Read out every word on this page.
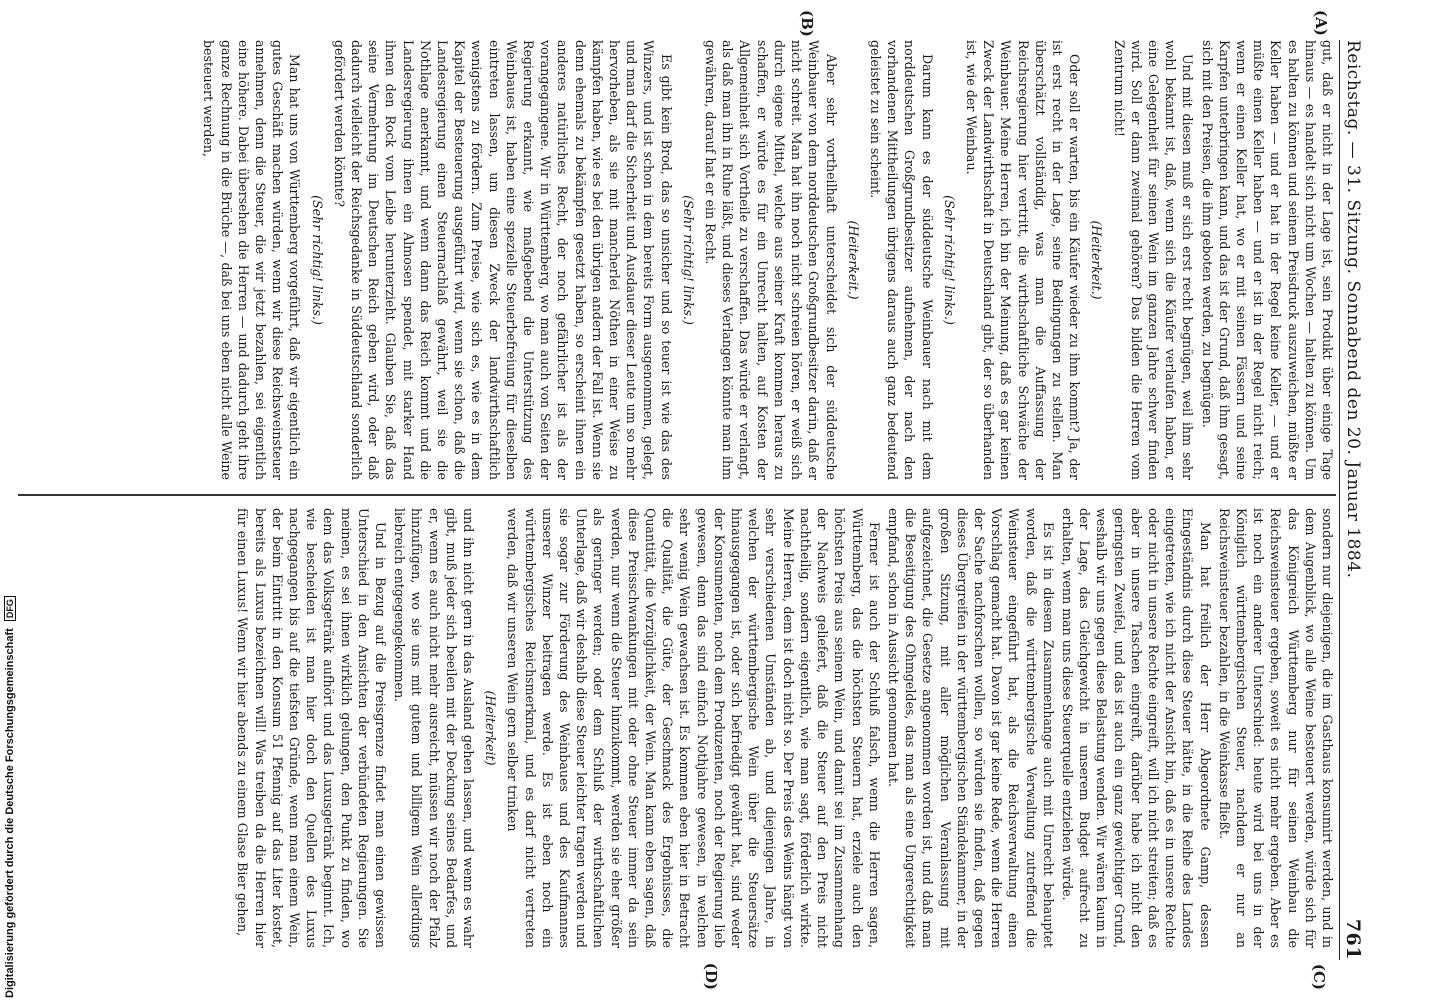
Reichstag. — 31. Sitzung. Sonnabend den 20. Januar 1884.
761
(A)
(B)
(C)
(D)

gut, daß er nicht in der Lage ist, sein Produkt über einige Tage hinaus — es handelt sich nicht um Wochen — halten zu können. Um es halten zu können und seinem Preisdruck auszuweichen, müßte er Keller haben — und er hat in der Regel keine Keller, — und er müßte einen Keller haben — und er ist in der Regel nicht reich; wenn er einen Keller hat, wo er mit seinen Fässern und seine Karpfen unterbringen kann, und das ist der Grund, daß ihm gesagt, sich mit den Preisen, die ihm geboten werden, zu begnügen.

Und mit diesen muß er sich erst recht begnügen, weil ihm sehr wohl bekannt ist, daß, wenn sich die Käufer verlaufen haben, er eine Gelegenheit für seinen Wein im ganzen Jahre schwer finden wird. Soll er dann zweimal gehören? Das bilden die Herren vom Zentrum nicht!

(Heiterkeit.)

Oder soll er warten, bis ein Käufer wieder zu ihm kommt? Ja, der ist erst recht in der Lage, seine Bedingungen zu stellen. Man überschätzt vollständig, was man die Auffassung der Reichsregierung hier vertritt, die wirthschaftliche Schwäche der Weinbauer. Meine Herren, ich bin der Meinung, daß es gar keinen Zweck der Landwirthschaft in Deutschland gibt, der so überhanden ist, wie der Weinbau.

(Sehr richtig! links.)

Darum kann es der süddeutsche Weinbauer nach mit dem norddeutschen Großgrundbesitzer aufnehmen, der nach den vorhandenen Mittheilungen übrigens daraus auch ganz bedeutend geleistet zu sein scheint.

(Heiterkeit.)

Aber sehr vortheilhaft unterscheidet sich der süddeutsche Weinbauer von dem norddeutschen Großgrundbesitzer darin, daß er nicht schreit. Man hat ihn noch nicht schreien hören, er weiß sich durch eigene Mittel, welche aus seiner Kraft kommen heraus zu schaffen, er würde es für ein Unrecht halten, auf Kosten der Allgemeinheit sich Vortheile zu verschaffen. Das würde er verlangt, als daß man ihn in Ruhe läßt, und dieses Verlangen könnte man ihm gewähren, darauf hat er ein Recht.

(Sehr richtig! links.)

Es gibt kein Brod, das so unsicher und so teuer ist wie das des Winzers, und ist schon in dem bereits Form ausgenommen, gelegt, und man darf die Sicherheit und Ausdauer dieser Leute um so mehr hervorheben, als sie mit mancherlei Nöthen in einer Weise zu kämpfen haben, wie es bei den übrigen andern der Fall ist. Wenn sie denn ehemals zu bekämpfen gesetzt haben, so erscheint ihnen ein anderes natürliches Recht, der noch gefährlicher ist als der vorangegangene. Wir in Württemberg, wo man auch von Seiten der Regierung erkannt, wie maßgebend die Unterstützung des Weinbaues ist, haben eine spezielle Steuerbefreiung für dieselben eintreten lassen, um diesen Zweck der landwirthschaftlich wenigstens zu fördern. Zum Preise, wie sich es, wie es in dem Kapitel der Besteuerung ausgeführt wird, wenn sie schon, daß die Landesregierung einen Steuernachlaß gewährt, weil sie die Nothlage anerkannt, und wenn dann das Reich kommt und die Landesregierung ihnen ein Almosen spendet, mit starker Hand ihnen den Rock vom Leibe herunterzieht. Glauben Sie, daß das seine Vermehrung im Deutschen Reich geben wird, oder daß dadurch vielleicht der Reichsgedanke in Süddeutschland sonderlich gefördert werden könnte?

(Sehr richtig! links.)

Man hat uns von Württemberg vorgeführt, daß wir eigentlich ein gutes Geschäft machen würden, wenn wir diese Reichsweinsteuer annehmen, denn die Steuer, die wir jetzt bezahlen, sei eigentlich eine höhere. Dabei übersehen die Herren — und dadurch geht ihre ganze Rechnung in die Brüche —, daß bei uns eben nicht alle Weine besteuert werden,

sondern nur diejenigen, die im Gasthaus konsumirt werden, und in dem Augenblick, wo alle Weine besteuert werden, würde sich für das Königreich Württemberg nur für seinen Weinbau die Reichsweinsteuer ergeben, soweit es nicht mehr ergeben. Aber es ist noch ein anderer Unterschied: heute wird bei uns in der Königlich württembergischen Steuer, nachdem er nur an Reichsweinsteuer bezahlen, in die Weinkasse fließt.

Man hat freilich der Herr Abgeordnete Gamp, dessen Eingeständnis durch diese Steuer hätte, in die Reihe des Landes eingetreten, wie ich nicht der Ansicht bin, daß es in unsere Rechte oder nicht in unsere Rechte eingreift, will ich nicht streiten; daß es aber in unsere Taschen eingreift, darüber habe ich nicht den geringsten Zweifel, und das ist auch ein ganz gewichtiger Grund, weshalb wir uns gegen diese Belastung wenden. Wir wären kaum in der Lage, das Gleichgewicht in unserem Budget aufrecht zu erhalten, wenn man uns diese Steuerquelle entziehen würde.

Es ist in diesem Zusammenhange auch mit Unrecht behauptet worden, daß die württembergische Verwaltung zutreffend die Weinsteuer eingeführt hat, als die Reichsverwaltung einen Vorschlag gemacht hat. Davon ist gar keine Rede, wenn die Herren der Sache nachforschen wollen, so würden sie finden, daß gegen dieses Übergreifen in der württembergischen Ständekammer, in der großen Sitzung, mit aller möglichen Veranlassung mit aufgezeichnet, die Gesetze angenommen worden ist, und daß man die Beseitigung des Ohmgeldes, das man als eine Ungerechtigkeit empfand, schon in Aussicht genommen hat.

Ferner ist auch der Schluß falsch, wenn die Herren sagen, Württemberg, das die höchsten Steuern hat, erziele auch den höchsten Preis aus seinem Wein, und damit sei im Zusammenhang der Nachweis geliefert, daß die Steuer auf den Preis nicht nachtheilig, sondern eigentlich, wie man sagt, förderlich wirkte. Meine Herren, dem ist doch nicht so. Der Preis des Weins hängt von sehr verschiedenen Umständen ab, und diejenigen Jahre, in welchen der württembergische Wein über die Steuersätze hinausgegangen ist, oder sich befriedigt gewährt hat, sind weder der Konsumenten, noch dem Produzenten, noch der Regierung lieb gewesen, denn das sind einfach Nothjahre gewesen, in welchen sehr wenig Wein gewachsen ist. Es kommen eben hier in Betracht die Qualität, die Güte, der Geschmack des Ergebnisses, die Quantität, die Vorzüglichkeit, der Wein. Man kann eben sagen, daß diese Preisschwankungen mit oder ohne Steuer immer da sein werden, nur wenn die Steuer hinzukommt, werden sie eher größer als geringer werden; oder dem Schluß der wirthschaftlichen Unterlage, daß wir deshalb diese Steuer leichter tragen werden und sie sogar zur Förderung des Weinbaues und des Kaufmannes unserer Winzer beitragen werde. Es ist eben noch ein württembergisches Reichsmerkmal, und es darf nicht vertreten werden, daß wir unseren Wein gern selber trinken

(Heiterkeit)

und ihn nicht gern in das Ausland gehen lassen, und wenn es wahr gibt, muß jeder sich beeilen mit der Deckung seines Bedarfes, und er, wenn es auch nicht mehr ausreicht, müssen wir noch der Pfalz hinzufügen, wo sie uns mit gutem und billigem Wein allerdings liebreich entgegengekommen.

Und in Bezug auf die Preisgrenze findet man einen gewissen Unterschied in den Ansichten der verbündeten Regierungen. Sie meinen, es sei ihnen wirklich gelungen, den Punkt zu finden, wo dem das Volksgetränk aufhört und das Luxusgetränk beginnt. Ich, wie bescheiden ist man hier doch den Quellen des Luxus nachgegangen bis auf die tiefsten Gründe, wenn man einem Wein, der beim Eintritt in den Konsum 51 Pfennig auf das Liter kostet, bereits als Luxus bezeichnen will! Was treiben da die Herren hier für einen Luxus! Wenn wir hier abends zu einem Glase Bier gehen,

Digitalisierung gefördert durch die Deutsche Forschungsgemeinschaft DFG
